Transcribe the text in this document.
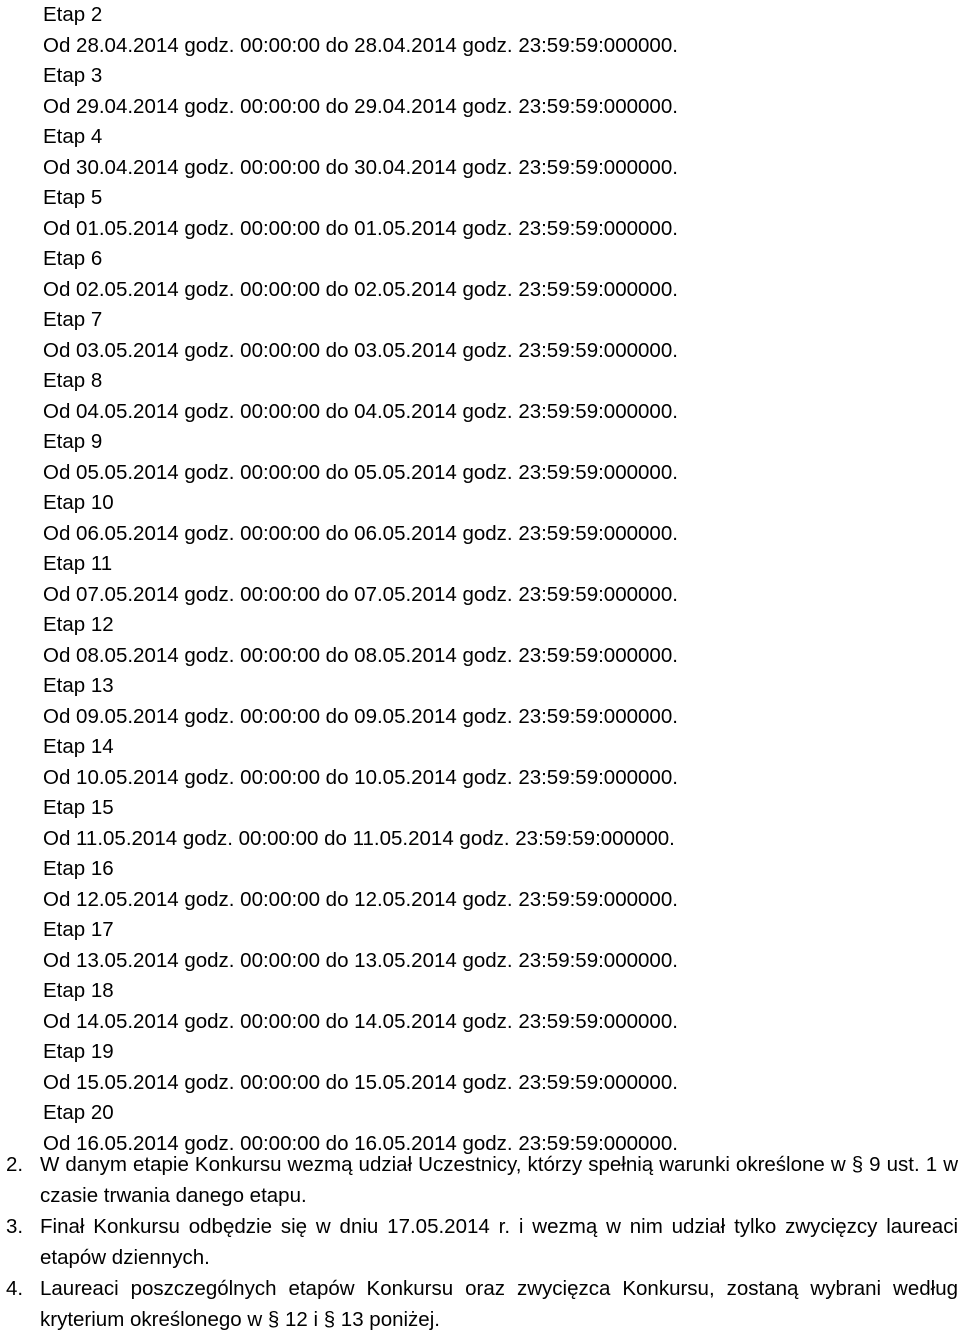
Etap 2
Od 28.04.2014 godz. 00:00:00 do 28.04.2014 godz. 23:59:59:000000.
Etap 3
Od 29.04.2014 godz. 00:00:00 do 29.04.2014 godz. 23:59:59:000000.
Etap 4
Od 30.04.2014 godz. 00:00:00 do 30.04.2014 godz. 23:59:59:000000.
Etap 5
Od 01.05.2014 godz. 00:00:00 do 01.05.2014 godz. 23:59:59:000000.
Etap 6
Od 02.05.2014 godz. 00:00:00 do 02.05.2014 godz. 23:59:59:000000.
Etap 7
Od 03.05.2014 godz. 00:00:00 do 03.05.2014 godz. 23:59:59:000000.
Etap 8
Od 04.05.2014 godz. 00:00:00 do 04.05.2014 godz. 23:59:59:000000.
Etap 9
Od 05.05.2014 godz. 00:00:00 do 05.05.2014 godz. 23:59:59:000000.
Etap 10
Od 06.05.2014 godz. 00:00:00 do 06.05.2014 godz. 23:59:59:000000.
Etap 11
Od 07.05.2014 godz. 00:00:00 do 07.05.2014 godz. 23:59:59:000000.
Etap 12
Od 08.05.2014 godz. 00:00:00 do 08.05.2014 godz. 23:59:59:000000.
Etap 13
Od 09.05.2014 godz. 00:00:00 do 09.05.2014 godz. 23:59:59:000000.
Etap 14
Od 10.05.2014 godz. 00:00:00 do 10.05.2014 godz. 23:59:59:000000.
Etap 15
Od 11.05.2014 godz. 00:00:00 do 11.05.2014 godz. 23:59:59:000000.
Etap 16
Od 12.05.2014 godz. 00:00:00 do 12.05.2014 godz. 23:59:59:000000.
Etap 17
Od 13.05.2014 godz. 00:00:00 do 13.05.2014 godz. 23:59:59:000000.
Etap 18
Od 14.05.2014 godz. 00:00:00 do 14.05.2014 godz. 23:59:59:000000.
Etap 19
Od 15.05.2014 godz. 00:00:00 do 15.05.2014 godz. 23:59:59:000000.
Etap 20
Od 16.05.2014 godz. 00:00:00 do 16.05.2014 godz. 23:59:59:000000.
2. W danym etapie Konkursu wezmą udział Uczestnicy, którzy spełnią warunki określone w § 9 ust. 1 w czasie trwania danego etapu.
3. Finał Konkursu odbędzie się w dniu 17.05.2014 r. i wezmą w nim udział tylko zwycięzcy laureaci etapów dziennych.
4. Laureaci poszczególnych etapów Konkursu oraz zwycięzca Konkursu, zostaną wybrani według kryterium określonego w § 12 i § 13 poniżej.
